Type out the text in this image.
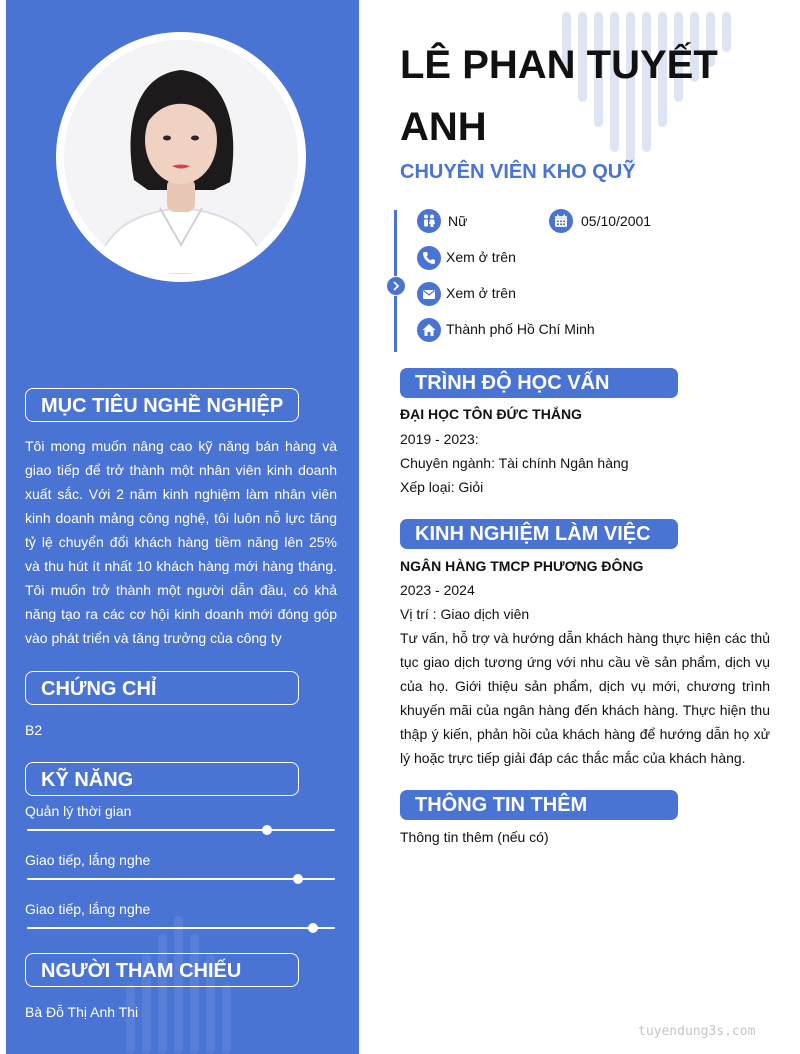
MỤC TIÊU NGHỀ NGHIỆP
Tôi mong muốn nâng cao kỹ năng bán hàng và giao tiếp để trở thành một nhân viên kinh doanh xuất sắc. Với 2 năm kinh nghiệm làm nhân viên kinh doanh mảng công nghệ, tôi luôn nỗ lực tăng tỷ lệ chuyển đổi khách hàng tiềm năng lên 25% và thu hút ít nhất 10 khách hàng mới hàng tháng. Tôi muốn trở thành một người dẫn đầu, có khả năng tạo ra các cơ hội kinh doanh mới đóng góp vào phát triển và tăng trưởng của công ty
CHỨNG CHỈ
B2
KỸ NĂNG
Quản lý thời gian
Giao tiếp, lắng nghe
Giao tiếp, lắng nghe
NGƯỜI THAM CHIẾU
Bà Đỗ Thị Anh Thi
LÊ PHAN TUYẾT ANH
CHUYÊN VIÊN KHO QUỸ
Nữ	05/10/2001
Xem ở trên
Xem ở trên
Thành phố Hồ Chí Minh
TRÌNH ĐỘ HỌC VẤN
ĐẠI HỌC TÔN ĐỨC THẮNG
2019 - 2023:
Chuyên ngành: Tài chính Ngân hàng
Xếp loại: Giỏi
KINH NGHIỆM LÀM VIỆC
NGÂN HÀNG TMCP PHƯƠNG ĐÔNG
2023 - 2024
Vị trí : Giao dịch viên
Tư vấn, hỗ trợ và hướng dẫn khách hàng thực hiện các thủ tục giao dịch tương ứng với nhu cầu về sản phẩm, dịch vụ của họ. Giới thiệu sản phẩm, dịch vụ mới, chương trình khuyến mãi của ngân hàng đến khách hàng. Thực hiện thu thập ý kiến, phản hồi của khách hàng để hướng dẫn họ xử lý hoặc trực tiếp giải đáp các thắc mắc của khách hàng.
THÔNG TIN THÊM
Thông tin thêm (nếu có)
tuyendung3s.com
